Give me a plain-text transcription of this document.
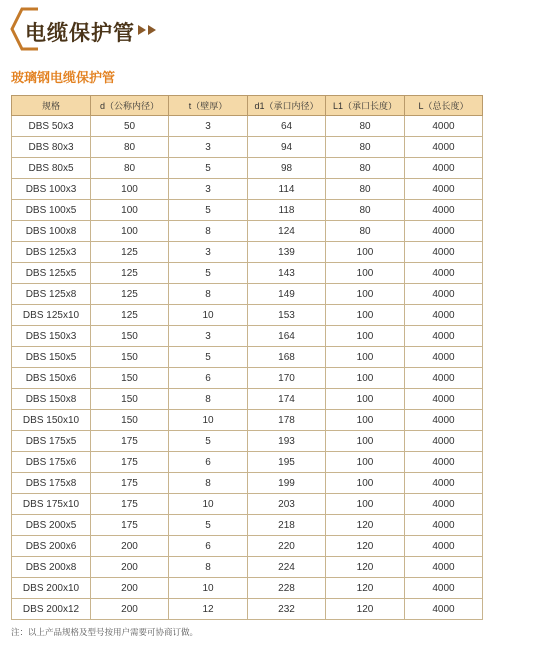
电缆保护管
玻璃钢电缆保护管
规格	d（公称内径）	t（壁厚）	d1（承口内径）	L1（承口长度）	L（总长度）
DBS 50x3	50	3	64	80	4000
DBS 80x3	80	3	94	80	4000
DBS 80x5	80	5	98	80	4000
DBS 100x3	100	3	114	80	4000
DBS 100x5	100	5	118	80	4000
DBS 100x8	100	8	124	80	4000
DBS 125x3	125	3	139	100	4000
DBS 125x5	125	5	143	100	4000
DBS 125x8	125	8	149	100	4000
DBS 125x10	125	10	153	100	4000
DBS 150x3	150	3	164	100	4000
DBS 150x5	150	5	168	100	4000
DBS 150x6	150	6	170	100	4000
DBS 150x8	150	8	174	100	4000
DBS 150x10	150	10	178	100	4000
DBS 175x5	175	5	193	100	4000
DBS 175x6	175	6	195	100	4000
DBS 175x8	175	8	199	100	4000
DBS 175x10	175	10	203	100	4000
DBS 200x5	175	5	218	120	4000
DBS 200x6	200	6	220	120	4000
DBS 200x8	200	8	224	120	4000
DBS 200x10	200	10	228	120	4000
DBS 200x12	200	12	232	120	4000
注：以上产品规格及型号按用户需要可协商订做。
